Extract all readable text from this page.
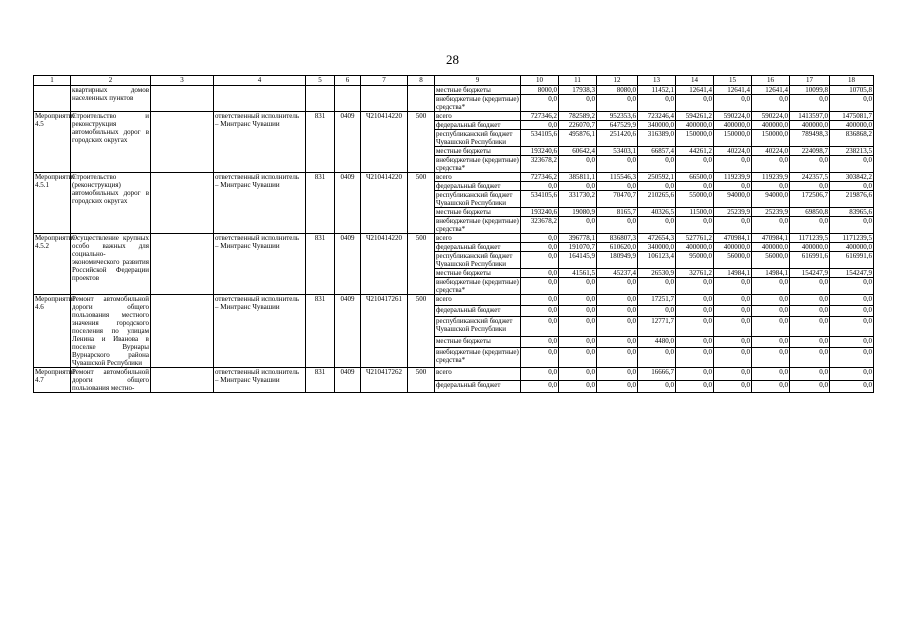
28
1	2	3	4	5	6	7	8	9	10	11	12	13	14	15	16	17	18
	квартирных домов населенных пунктов							местные бюджеты	8000,0	17938,3	8080,0	11452,1	12641,4	12641,4	12641,4	10099,8	10705,8
								внебюджетные (кредитные) средства*	0,0	0,0	0,0	0,0	0,0	0,0	0,0	0,0	0,0
Мероприятие 4.5	Строительство и реконструкция автомобильных дорог в городских округах		ответственный исполнитель – Минтранс Чувашии	831	0409	Ч210414220	500	всего	727346,2	782589,2	952353,6	723246,4	594261,2	590224,0	590224,0	1413597,0	1475081,7
								федеральный бюджет	0,0	226070,7	647529,9	340000,0	400000,0	400000,0	400000,0	400000,0	400000,0
								республиканский бюджет Чувашской Республики	534105,6	495876,1	251420,6	316389,0	150000,0	150000,0	150000,0	789498,3	836868,2
								местные бюджеты	193240,6	60642,4	53403,1	66857,4	44261,2	40224,0	40224,0	224098,7	238213,5
								внебюджетные (кредитные) средства*	323678,2	0,0	0,0	0,0	0,0	0,0	0,0	0,0	0,0
Мероприятие 4.5.1	Строительство (реконструкция) автомобильных дорог в городских округах		ответственный исполнитель – Минтранс Чувашии	831	0409	Ч210414220	500	всего	727346,2	385811,1	115546,3	250592,1	66500,0	119239,9	119239,9	242357,5	303842,2
								федеральный бюджет	0,0	0,0	0,0	0,0	0,0	0,0	0,0	0,0	0,0
								республиканский бюджет Чувашской Республики	534105,6	331730,2	70470,7	210265,6	55000,0	94000,0	94000,0	172506,7	219876,6
								местные бюджеты	193240,6	19080,9	8165,7	40326,5	11500,0	25239,9	25239,9	69850,8	83965,6
								внебюджетные (кредитные) средства*	323678,2	0,0	0,0	0,0	0,0	0,0	0,0	0,0	0,0
Мероприятие 4.5.2	Осуществление крупных особо важных для социально-экономического развития Российской Федерации проектов		ответственный исполнитель – Минтранс Чувашии	831	0409	Ч210414220	500	всего	0,0	396778,1	836807,3	472654,3	527761,2	470984,1	470984,1	1171239,5	1171239,5
								федеральный бюджет	0,0	191070,7	610620,0	340000,0	400000,0	400000,0	400000,0	400000,0	400000,0
								республиканский бюджет Чувашской Республики	0,0	164145,9	180949,9	106123,4	95000,0	56000,0	56000,0	616991,6	616991,6
								местные бюджеты	0,0	41561,5	45237,4	26530,9	32761,2	14984,1	14984,1	154247,9	154247,9
								внебюджетные (кредитные) средства*	0,0	0,0	0,0	0,0	0,0	0,0	0,0	0,0	0,0
Мероприятие 4.6	Ремонт автомобильной дороги общего пользования местного значения городского поселения по улицам Ленина и Иванова в поселке Вурнары Вурнарского района Чувашской Республики		ответственный исполнитель – Минтранс Чувашии	831	0409	Ч210417261	500	всего	0,0	0,0	0,0	17251,7	0,0	0,0	0,0	0,0	0,0
								федеральный бюджет	0,0	0,0	0,0	0,0	0,0	0,0	0,0	0,0	0,0
								республиканский бюджет Чувашской Республики	0,0	0,0	0,0	12771,7	0,0	0,0	0,0	0,0	0,0
								местные бюджеты	0,0	0,0	0,0	4480,0	0,0	0,0	0,0	0,0	0,0
								внебюджетные (кредитные) средства*	0,0	0,0	0,0	0,0	0,0	0,0	0,0	0,0	0,0
Мероприятие 4.7	Ремонт автомобильной дороги общего пользования местно-		ответственный исполнитель – Минтранс Чувашии	831	0409	Ч210417262	500	всего	0,0	0,0	0,0	16666,7	0,0	0,0	0,0	0,0	0,0
								федеральный бюджет	0,0	0,0	0,0	0,0	0,0	0,0	0,0	0,0	0,0
